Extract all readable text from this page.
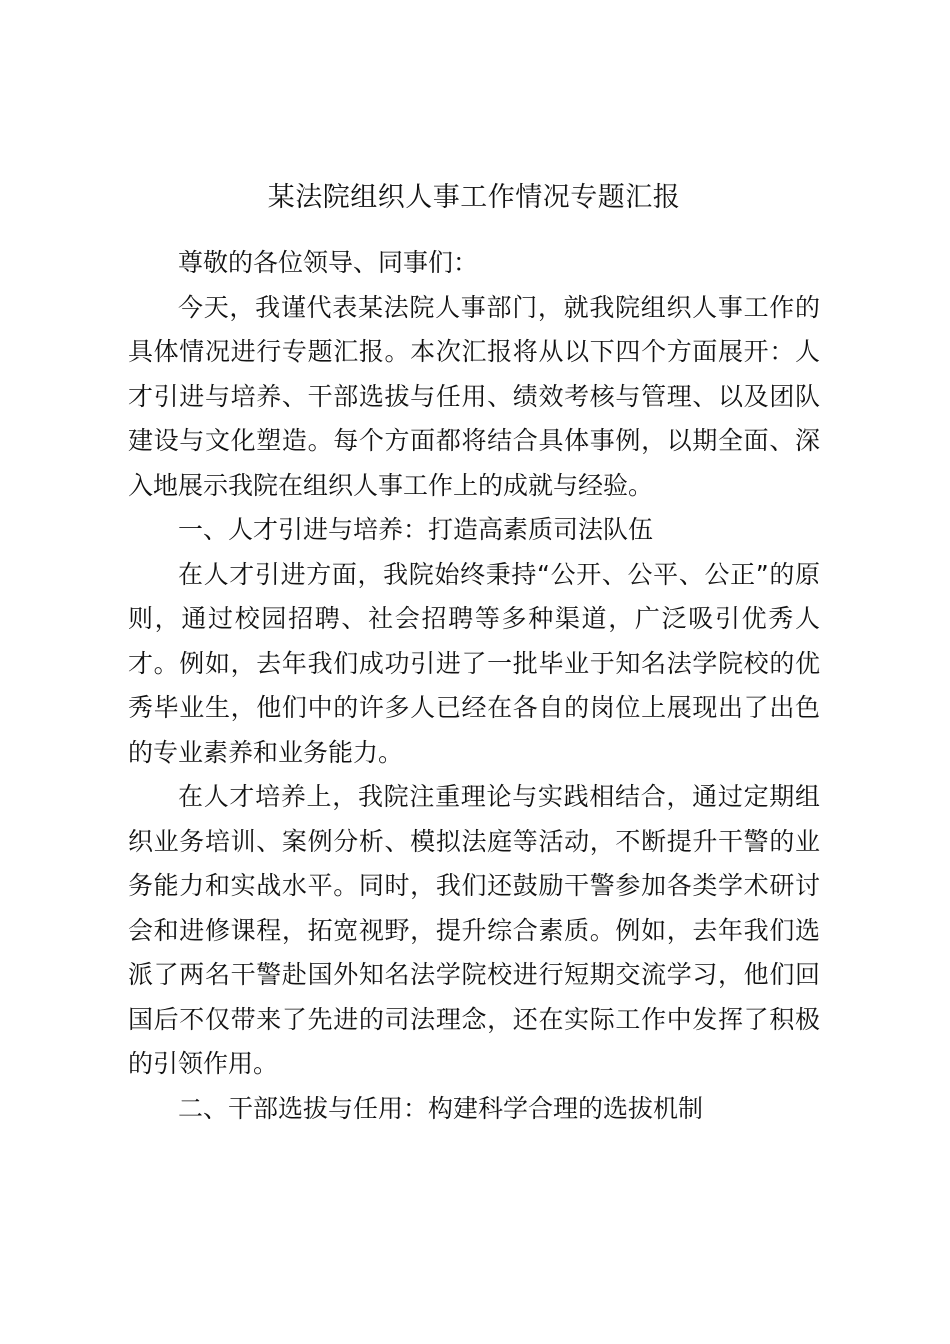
某法院组织人事工作情况专题汇报

尊敬的各位领导、同事们：

今天，我谨代表某法院人事部门，就我院组织人事工作的具体情况进行专题汇报。本次汇报将从以下四个方面展开：人才引进与培养、干部选拔与任用、绩效考核与管理、以及团队建设与文化塑造。每个方面都将结合具体事例，以期全面、深入地展示我院在组织人事工作上的成就与经验。

一、人才引进与培养：打造高素质司法队伍

在人才引进方面，我院始终秉持“公开、公平、公正”的原则，通过校园招聘、社会招聘等多种渠道，广泛吸引优秀人才。例如，去年我们成功引进了一批毕业于知名法学院校的优秀毕业生，他们中的许多人已经在各自的岗位上展现出了出色的专业素养和业务能力。

在人才培养上，我院注重理论与实践相结合，通过定期组织业务培训、案例分析、模拟法庭等活动，不断提升干警的业务能力和实战水平。同时，我们还鼓励干警参加各类学术研讨会和进修课程，拓宽视野，提升综合素质。例如，去年我们选派了两名干警赴国外知名法学院校进行短期交流学习，他们回国后不仅带来了先进的司法理念，还在实际工作中发挥了积极的引领作用。

二、干部选拔与任用：构建科学合理的选拔机制
